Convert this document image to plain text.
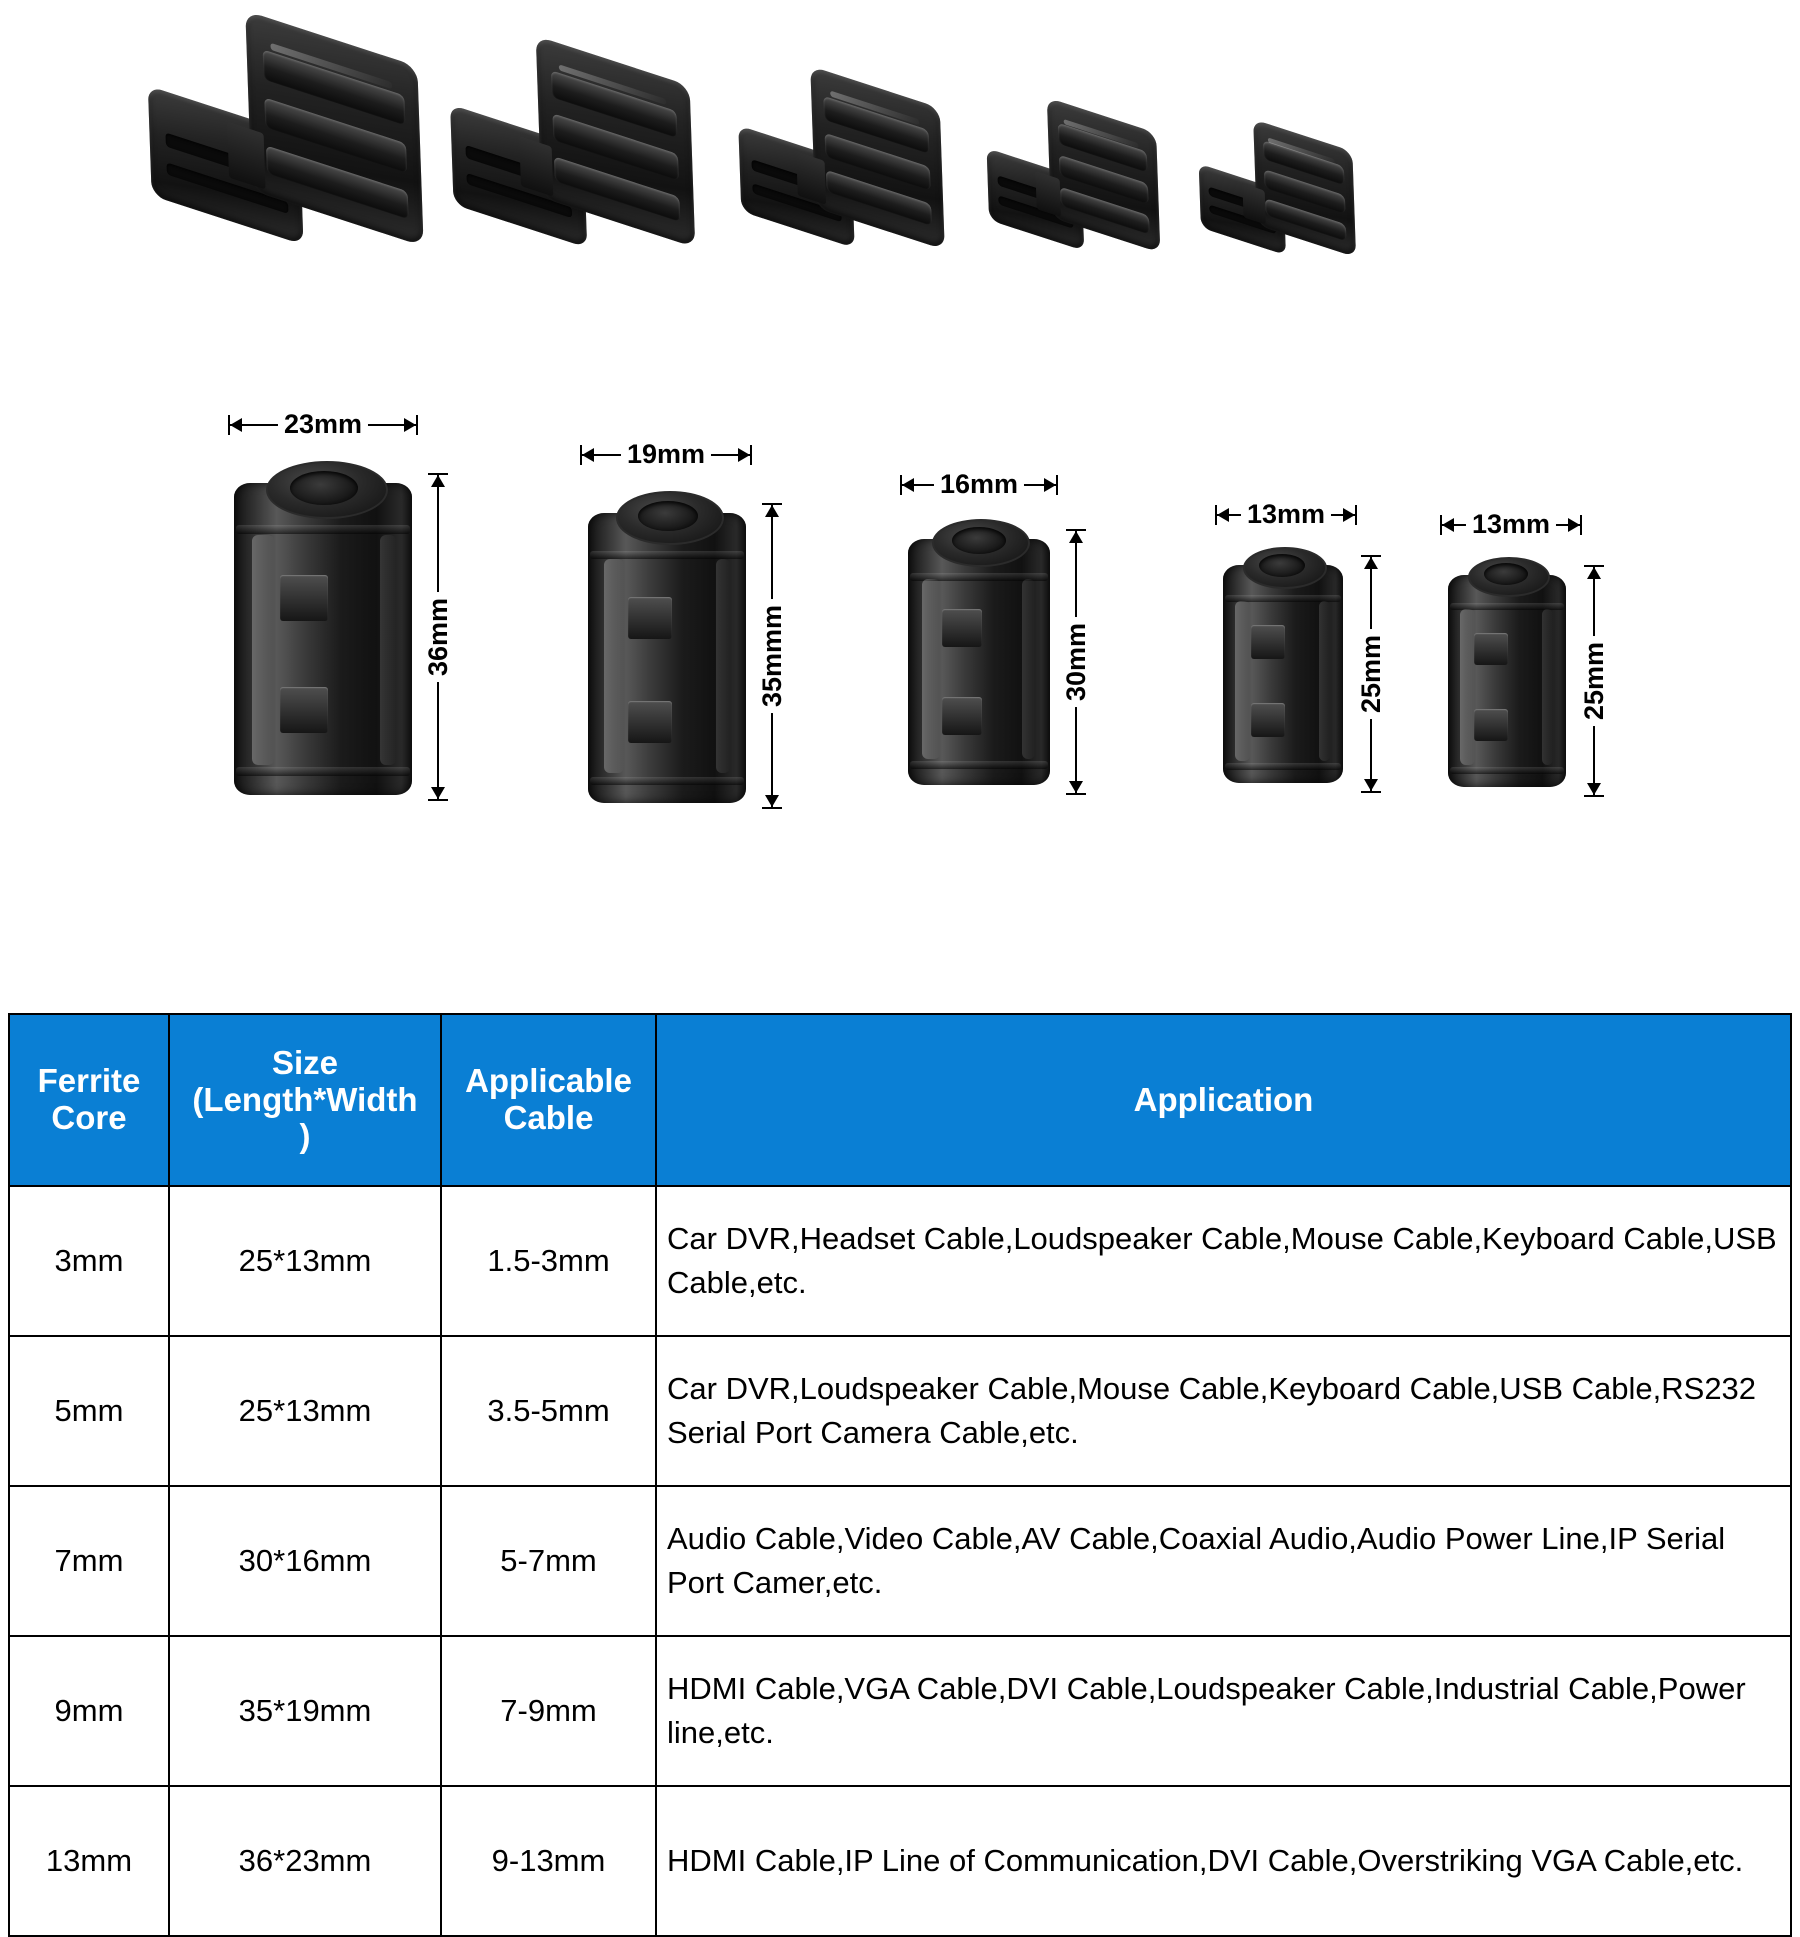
23mm
36mm
19mm
35mmm
16mm
30mm
13mm
25mm
13mm
25mm
Ferrite
Core	Size
(Length*Width
)	Applicable
Cable	Application
3mm	25*13mm	1.5-3mm	Car DVR,Headset Cable,Loudspeaker Cable,Mouse Cable,Keyboard Cable,USB Cable,etc.
5mm	25*13mm	3.5-5mm	Car DVR,Loudspeaker Cable,Mouse Cable,Keyboard Cable,USB Cable,RS232 Serial Port Camera Cable,etc.
7mm	30*16mm	5-7mm	Audio Cable,Video Cable,AV Cable,Coaxial Audio,Audio Power Line,IP Serial Port Camer,etc.
9mm	35*19mm	7-9mm	HDMI Cable,VGA Cable,DVI Cable,Loudspeaker Cable,Industrial Cable,Power line,etc.
13mm	36*23mm	9-13mm	HDMI Cable,IP Line of Communication,DVI Cable,Overstriking VGA Cable,etc.
